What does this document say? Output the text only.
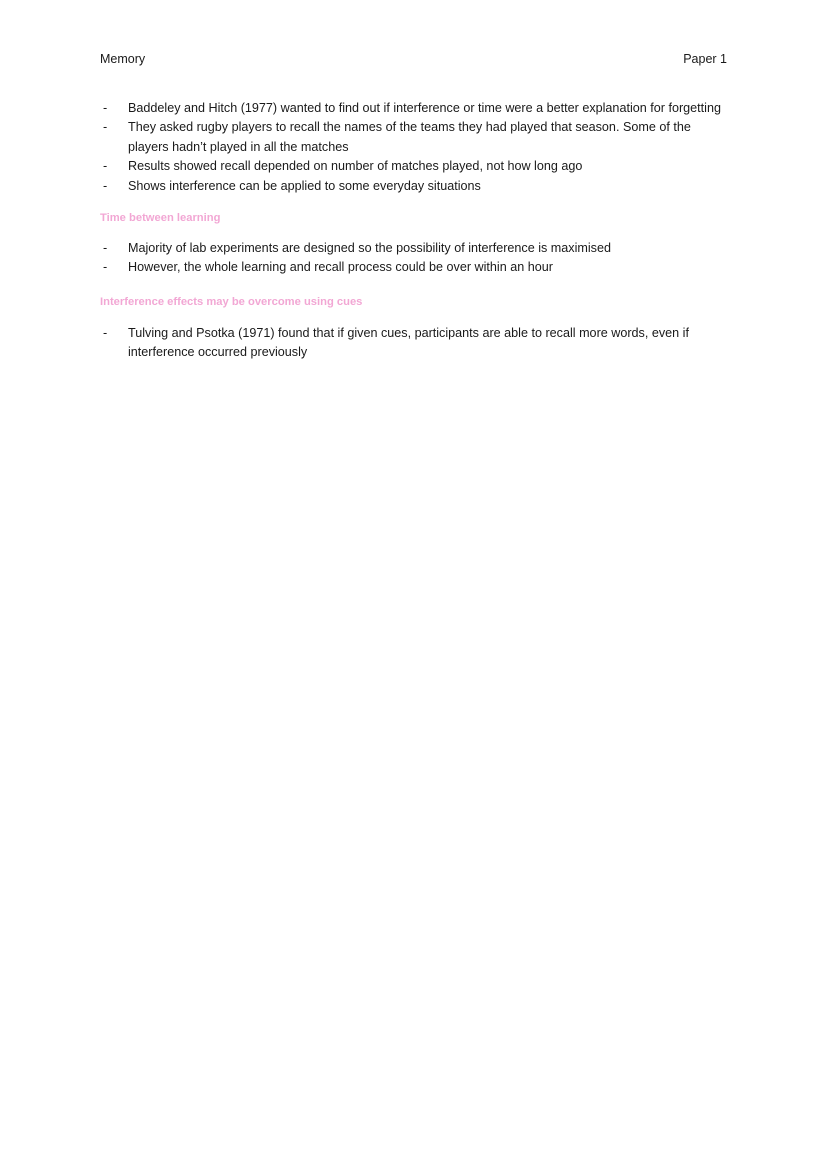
Memory	Paper 1
- Baddeley and Hitch (1977) wanted to find out if interference or time were a better explanation for forgetting
- They asked rugby players to recall the names of the teams they had played that season. Some of the players hadn’t played in all the matches
- Results showed recall depended on number of matches played, not how long ago
- Shows interference can be applied to some everyday situations
Time between learning
- Majority of lab experiments are designed so the possibility of interference is maximised
- However, the whole learning and recall process could be over within an hour
Interference effects may be overcome using cues
- Tulving and Psotka (1971) found that if given cues, participants are able to recall more words, even if interference occurred previously
